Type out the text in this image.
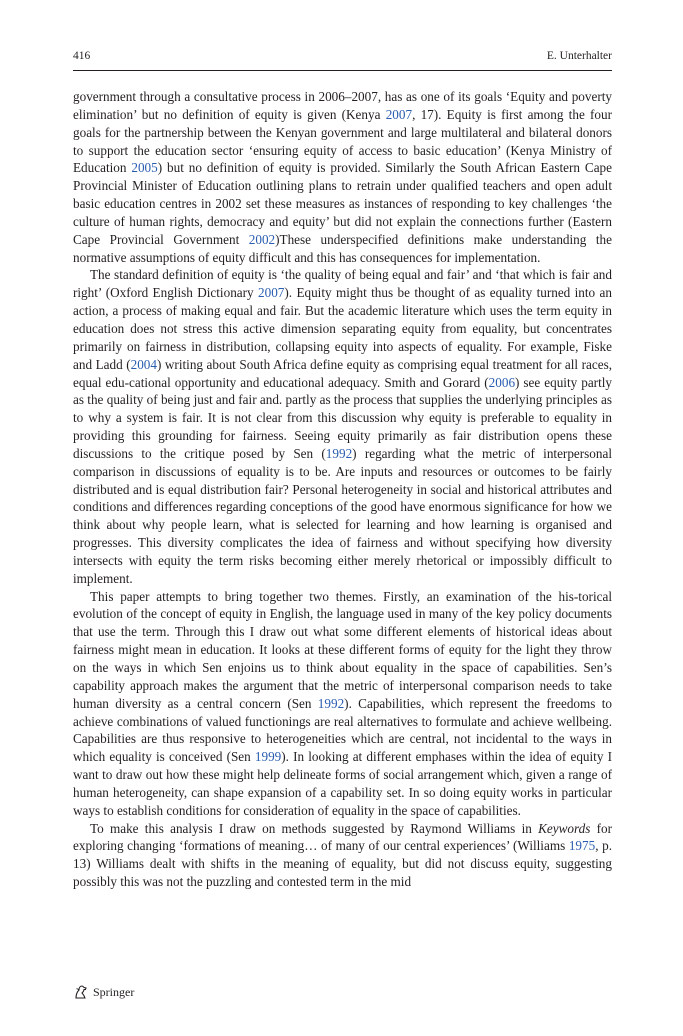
416	E. Unterhalter

government through a consultative process in 2006–2007, has as one of its goals ‘Equity and poverty elimination’ but no definition of equity is given (Kenya 2007, 17). Equity is first among the four goals for the partnership between the Kenyan government and large multilateral and bilateral donors to support the education sector ‘ensuring equity of access to basic education’ (Kenya Ministry of Education 2005) but no definition of equity is provided. Similarly the South African Eastern Cape Provincial Minister of Education outlining plans to retrain under qualified teachers and open adult basic education centres in 2002 set these measures as instances of responding to key challenges ‘the culture of human rights, democracy and equity’ but did not explain the connections further (Eastern Cape Provincial Government 2002)These underspecified definitions make understanding the normative assumptions of equity difficult and this has consequences for implementation.

The standard definition of equity is ‘the quality of being equal and fair’ and ‘that which is fair and right’ (Oxford English Dictionary 2007). Equity might thus be thought of as equality turned into an action, a process of making equal and fair. But the academic literature which uses the term equity in education does not stress this active dimension separating equity from equality, but concentrates primarily on fairness in distribution, collapsing equity into aspects of equality. For example, Fiske and Ladd (2004) writing about South Africa define equity as comprising equal treatment for all races, equal edu-cational opportunity and educational adequacy. Smith and Gorard (2006) see equity partly as the quality of being just and fair and. partly as the process that supplies the underlying principles as to why a system is fair. It is not clear from this discussion why equity is preferable to equality in providing this grounding for fairness. Seeing equity primarily as fair distribution opens these discussions to the critique posed by Sen (1992) regarding what the metric of interpersonal comparison in discussions of equality is to be. Are inputs and resources or outcomes to be fairly distributed and is equal distribution fair? Personal heterogeneity in social and historical attributes and conditions and differences regarding conceptions of the good have enormous significance for how we think about why people learn, what is selected for learning and how learning is organised and progresses. This diversity complicates the idea of fairness and without specifying how diversity intersects with equity the term risks becoming either merely rhetorical or impossibly difficult to implement.

This paper attempts to bring together two themes. Firstly, an examination of the his-torical evolution of the concept of equity in English, the language used in many of the key policy documents that use the term. Through this I draw out what some different elements of historical ideas about fairness might mean in education. It looks at these different forms of equity for the light they throw on the ways in which Sen enjoins us to think about equality in the space of capabilities. Sen’s capability approach makes the argument that the metric of interpersonal comparison needs to take human diversity as a central concern (Sen 1992). Capabilities, which represent the freedoms to achieve combinations of valued functionings are real alternatives to formulate and achieve wellbeing. Capabilities are thus responsive to heterogeneities which are central, not incidental to the ways in which equality is conceived (Sen 1999). In looking at different emphases within the idea of equity I want to draw out how these might help delineate forms of social arrangement which, given a range of human heterogeneity, can shape expansion of a capability set. In so doing equity works in particular ways to establish conditions for consideration of equality in the space of capabilities.

To make this analysis I draw on methods suggested by Raymond Williams in Keywords for exploring changing ‘formations of meaning… of many of our central experiences’ (Williams 1975, p. 13) Williams dealt with shifts in the meaning of equality, but did not discuss equity, suggesting possibly this was not the puzzling and contested term in the mid

Springer
